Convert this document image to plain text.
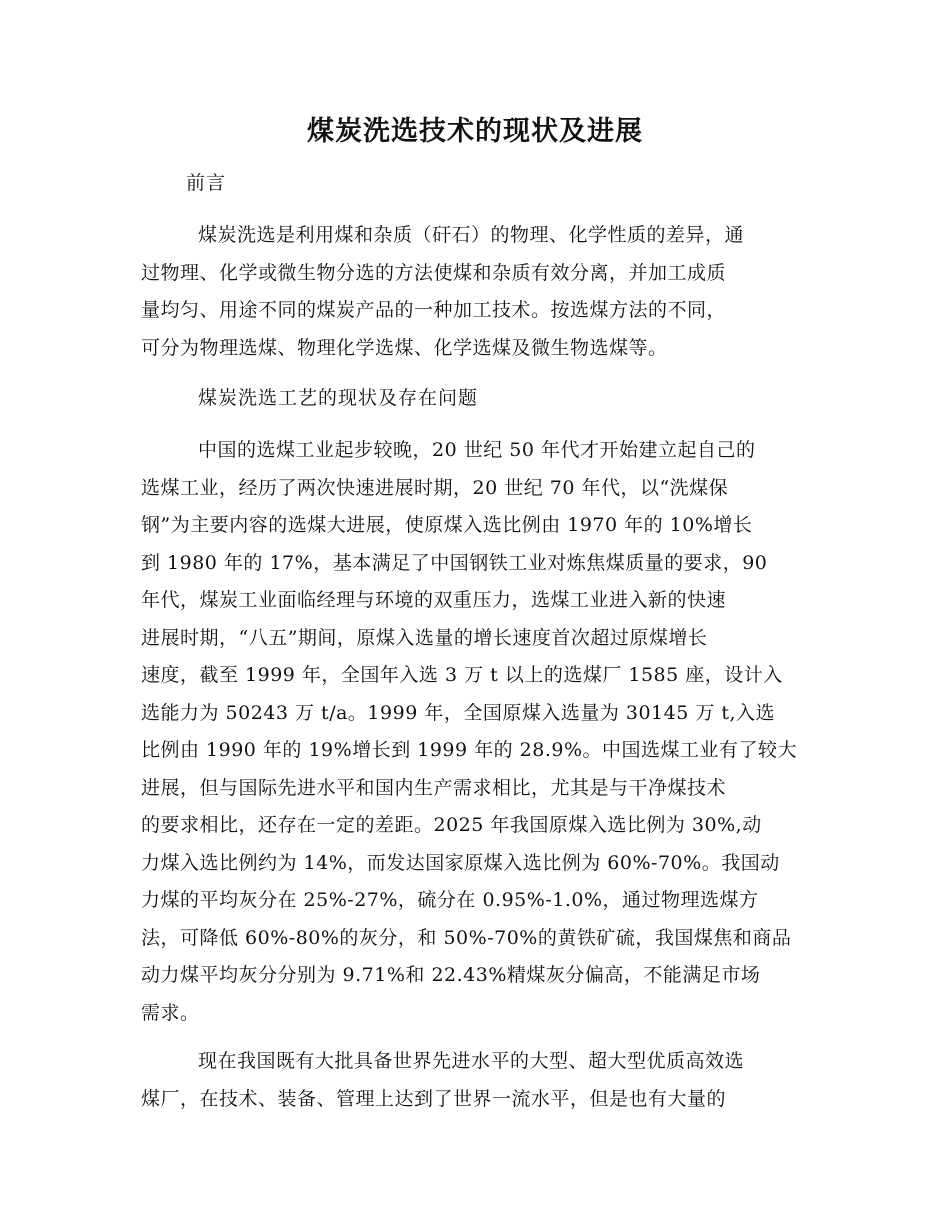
煤炭洗选技术的现状及进展
前言
煤炭洗选是利用煤和杂质（矸石）的物理、化学性质的差异，通
过物理、化学或微生物分选的方法使煤和杂质有效分离，并加工成质
量均匀、用途不同的煤炭产品的一种加工技术。按选煤方法的不同，
可分为物理选煤、物理化学选煤、化学选煤及微生物选煤等。
煤炭洗选工艺的现状及存在问题
中国的选煤工业起步较晚，20 世纪 50 年代才开始建立起自己的
选煤工业，经历了两次快速进展时期，20 世纪 70 年代，以“洗煤保
钢”为主要内容的选煤大进展，使原煤入选比例由 1970 年的 10%增长
到 1980 年的 17%，基本满足了中国钢铁工业对炼焦煤质量的要求，90
年代，煤炭工业面临经理与环境的双重压力，选煤工业进入新的快速
进展时期，“八五”期间，原煤入选量的增长速度首次超过原煤增长
速度，截至 1999 年，全国年入选 3 万 t 以上的选煤厂 1585 座，设计入
选能力为 50243 万 t/a。1999 年，全国原煤入选量为 30145 万 t,入选
比例由 1990 年的 19%增长到 1999 年的 28.9%。中国选煤工业有了较大
进展，但与国际先进水平和国内生产需求相比，尤其是与干净煤技术
的要求相比，还存在一定的差距。2025 年我国原煤入选比例为 30%,动
力煤入选比例约为 14%，而发达国家原煤入选比例为 60%-70%。我国动
力煤的平均灰分在 25%-27%，硫分在 0.95%-1.0%，通过物理选煤方
法，可降低 60%-80%的灰分，和 50%-70%的黄铁矿硫，我国煤焦和商品
动力煤平均灰分分别为 9.71%和 22.43%精煤灰分偏高，不能满足市场
需求。
现在我国既有大批具备世界先进水平的大型、超大型优质高效选
煤厂，在技术、装备、管理上达到了世界一流水平，但是也有大量的
